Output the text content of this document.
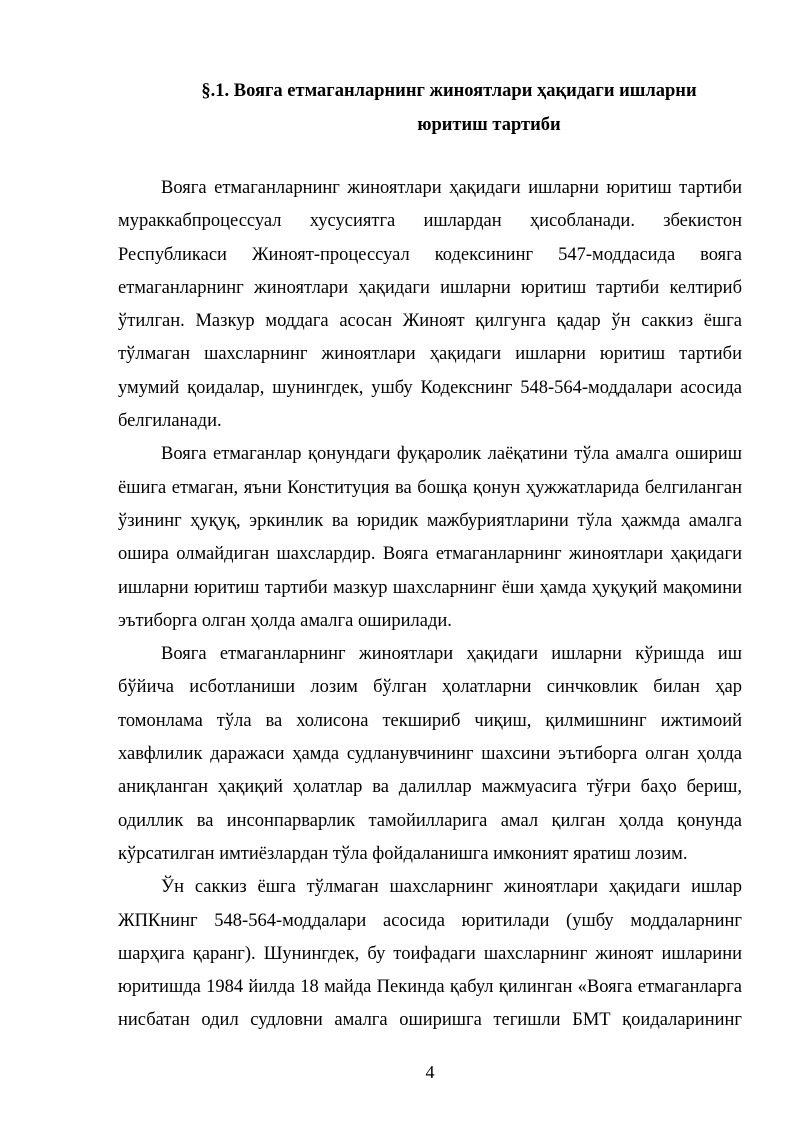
§.1. Вояга етмаганларнинг жиноятлари ҳақидаги ишларни
юритиш тартиби

Вояга етмаганларнинг жиноятлари ҳақидаги ишларни юритиш тартиби мураккабпроцессуал хусусиятга ишлардан ҳисобланади. збекистон Республикаси Жиноят-процессуал кодексининг 547-моддасида вояга етмаганларнинг жиноятлари ҳақидаги ишларни юритиш тартиби келтириб ўтилган. Мазкур моддага асосан Жиноят қилгунга қадар ўн саккиз ёшга тўлмаган шахсларнинг жиноятлари ҳақидаги ишларни юритиш тартиби умумий қоидалар, шунингдек, ушбу Кодекснинг 548-564-моддалари асосида белгиланади.

Вояга етмаганлар қонундаги фуқаролик лаёқатини тўла амалга ошириш ёшига етмаган, яъни Конституция ва бошқа қонун ҳужжатларида белгиланган ўзининг ҳуқуқ, эркинлик ва юридик мажбуриятларини тўла ҳажмда амалга ошира олмайдиган шахслардир. Вояга етмаганларнинг жиноятлари ҳақидаги ишларни юритиш тартиби мазкур шахсларнинг ёши ҳамда ҳуқуқий мақомини эътиборга олган ҳолда амалга оширилади.

Вояга етмаганларнинг жиноятлари ҳақидаги ишларни кўришда иш бўйича исботланиши лозим бўлган ҳолатларни синчковлик билан ҳар томонлама тўла ва холисона текшириб чиқиш, қилмишнинг ижтимоий хавфлилик даражаси ҳамда судланувчининг шахсини эътиборга олган ҳолда аниқланган ҳақиқий ҳолатлар ва далиллар мажмуасига тўғри баҳо бериш, одиллик ва инсонпарварлик тамойилларига амал қилган ҳолда қонунда кўрсатилган имтиёзлардан тўла фойдаланишга имконият яратиш лозим.

Ўн саккиз ёшга тўлмаган шахсларнинг жиноятлари ҳақидаги ишлар ЖПКнинг 548-564-моддалари асосида юритилади (ушбу моддаларнинг шарҳига қаранг). Шунингдек, бу тоифадаги шахсларнинг жиноят ишларини юритишда 1984 йилда 18 майда Пекинда қабул қилинган «Вояга етмаганларга нисбатан одил судловни амалга оширишга тегишли БМТ қоидаларининг

4
